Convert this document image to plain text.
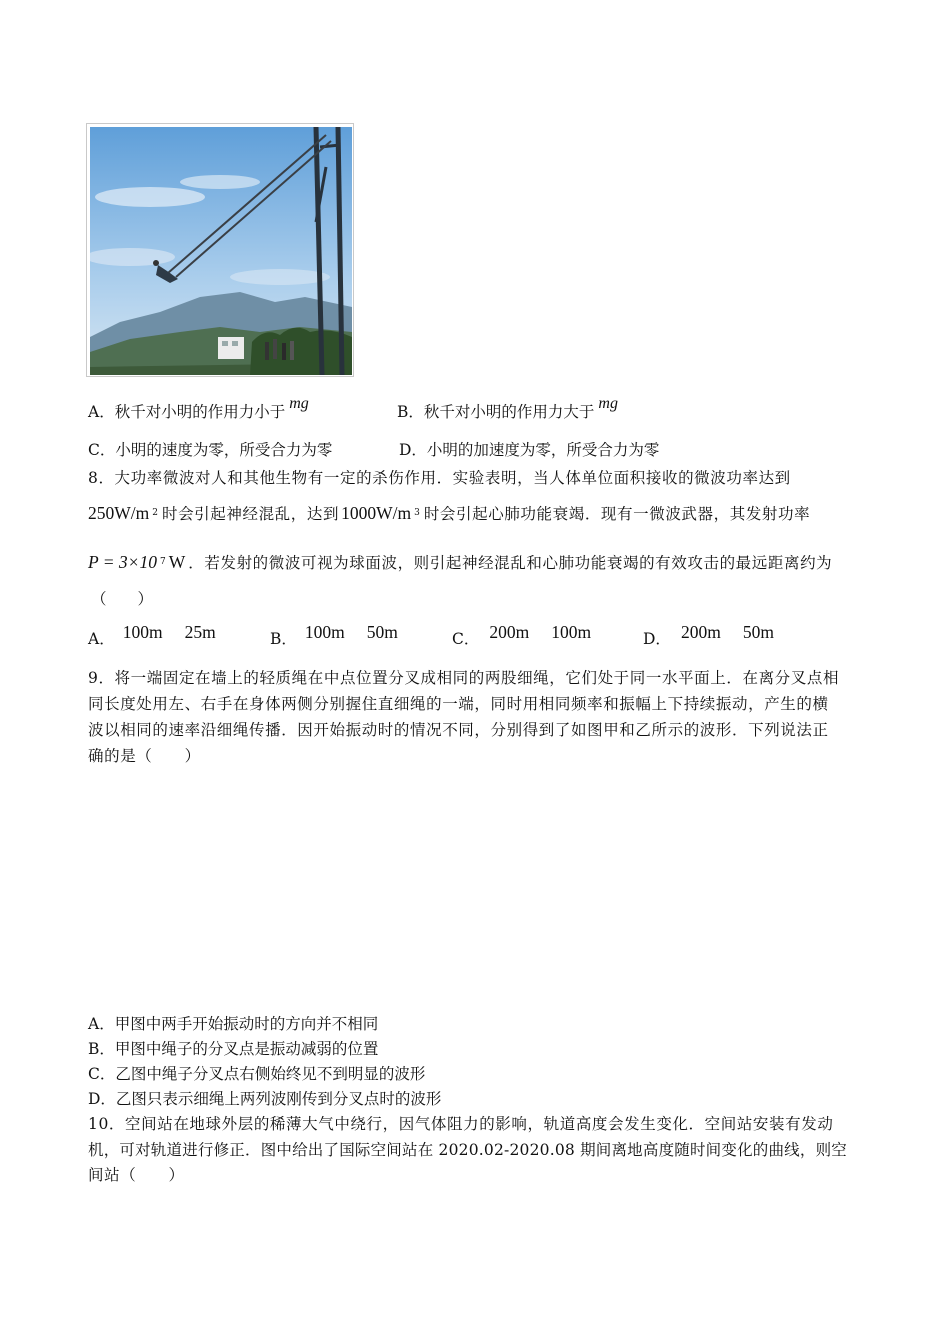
A．秋千对小明的作用力小于 mg	B．秋千对小明的作用力大于 mg
C．小明的速度为零，所受合力为零	D．小明的加速度为零，所受合力为零
8．大功率微波对人和其他生物有一定的杀伤作用．实验表明，当人体单位面积接收的微波功率达到
250W/m $^2$ 时会引起神经混乱，达到 1000W/m $^3$ 时会引起心肺功能衰竭．现有一微波武器，其发射功率
P = 3×10 $^7$ W ．若发射的微波可视为球面波，则引起神经混乱和心肺功能衰竭的有效攻击的最远距离约为
（　　）
A． 100m 25m	B． 100m 50m	C． 200m 100m	D． 200m 50m
9．将一端固定在墙上的轻质绳在中点位置分叉成相同的两股细绳，它们处于同一水平面上．在离分叉点相
同长度处用左、右手在身体两侧分别握住直细绳的一端，同时用相同频率和振幅上下持续振动，产生的横
波以相同的速率沿细绳传播．因开始振动时的情况不同，分别得到了如图甲和乙所示的波形．下列说法正
确的是（　　）
A．甲图中两手开始振动时的方向并不相同
B．甲图中绳子的分叉点是振动减弱的位置
C．乙图中绳子分叉点右侧始终见不到明显的波形
D．乙图只表示细绳上两列波刚传到分叉点时的波形
10．空间站在地球外层的稀薄大气中绕行，因气体阻力的影响，轨道高度会发生变化．空间站安装有发动
机，可对轨道进行修正．图中给出了国际空间站在 2020.02-2020.08 期间离地高度随时间变化的曲线，则空
间站（　　）
